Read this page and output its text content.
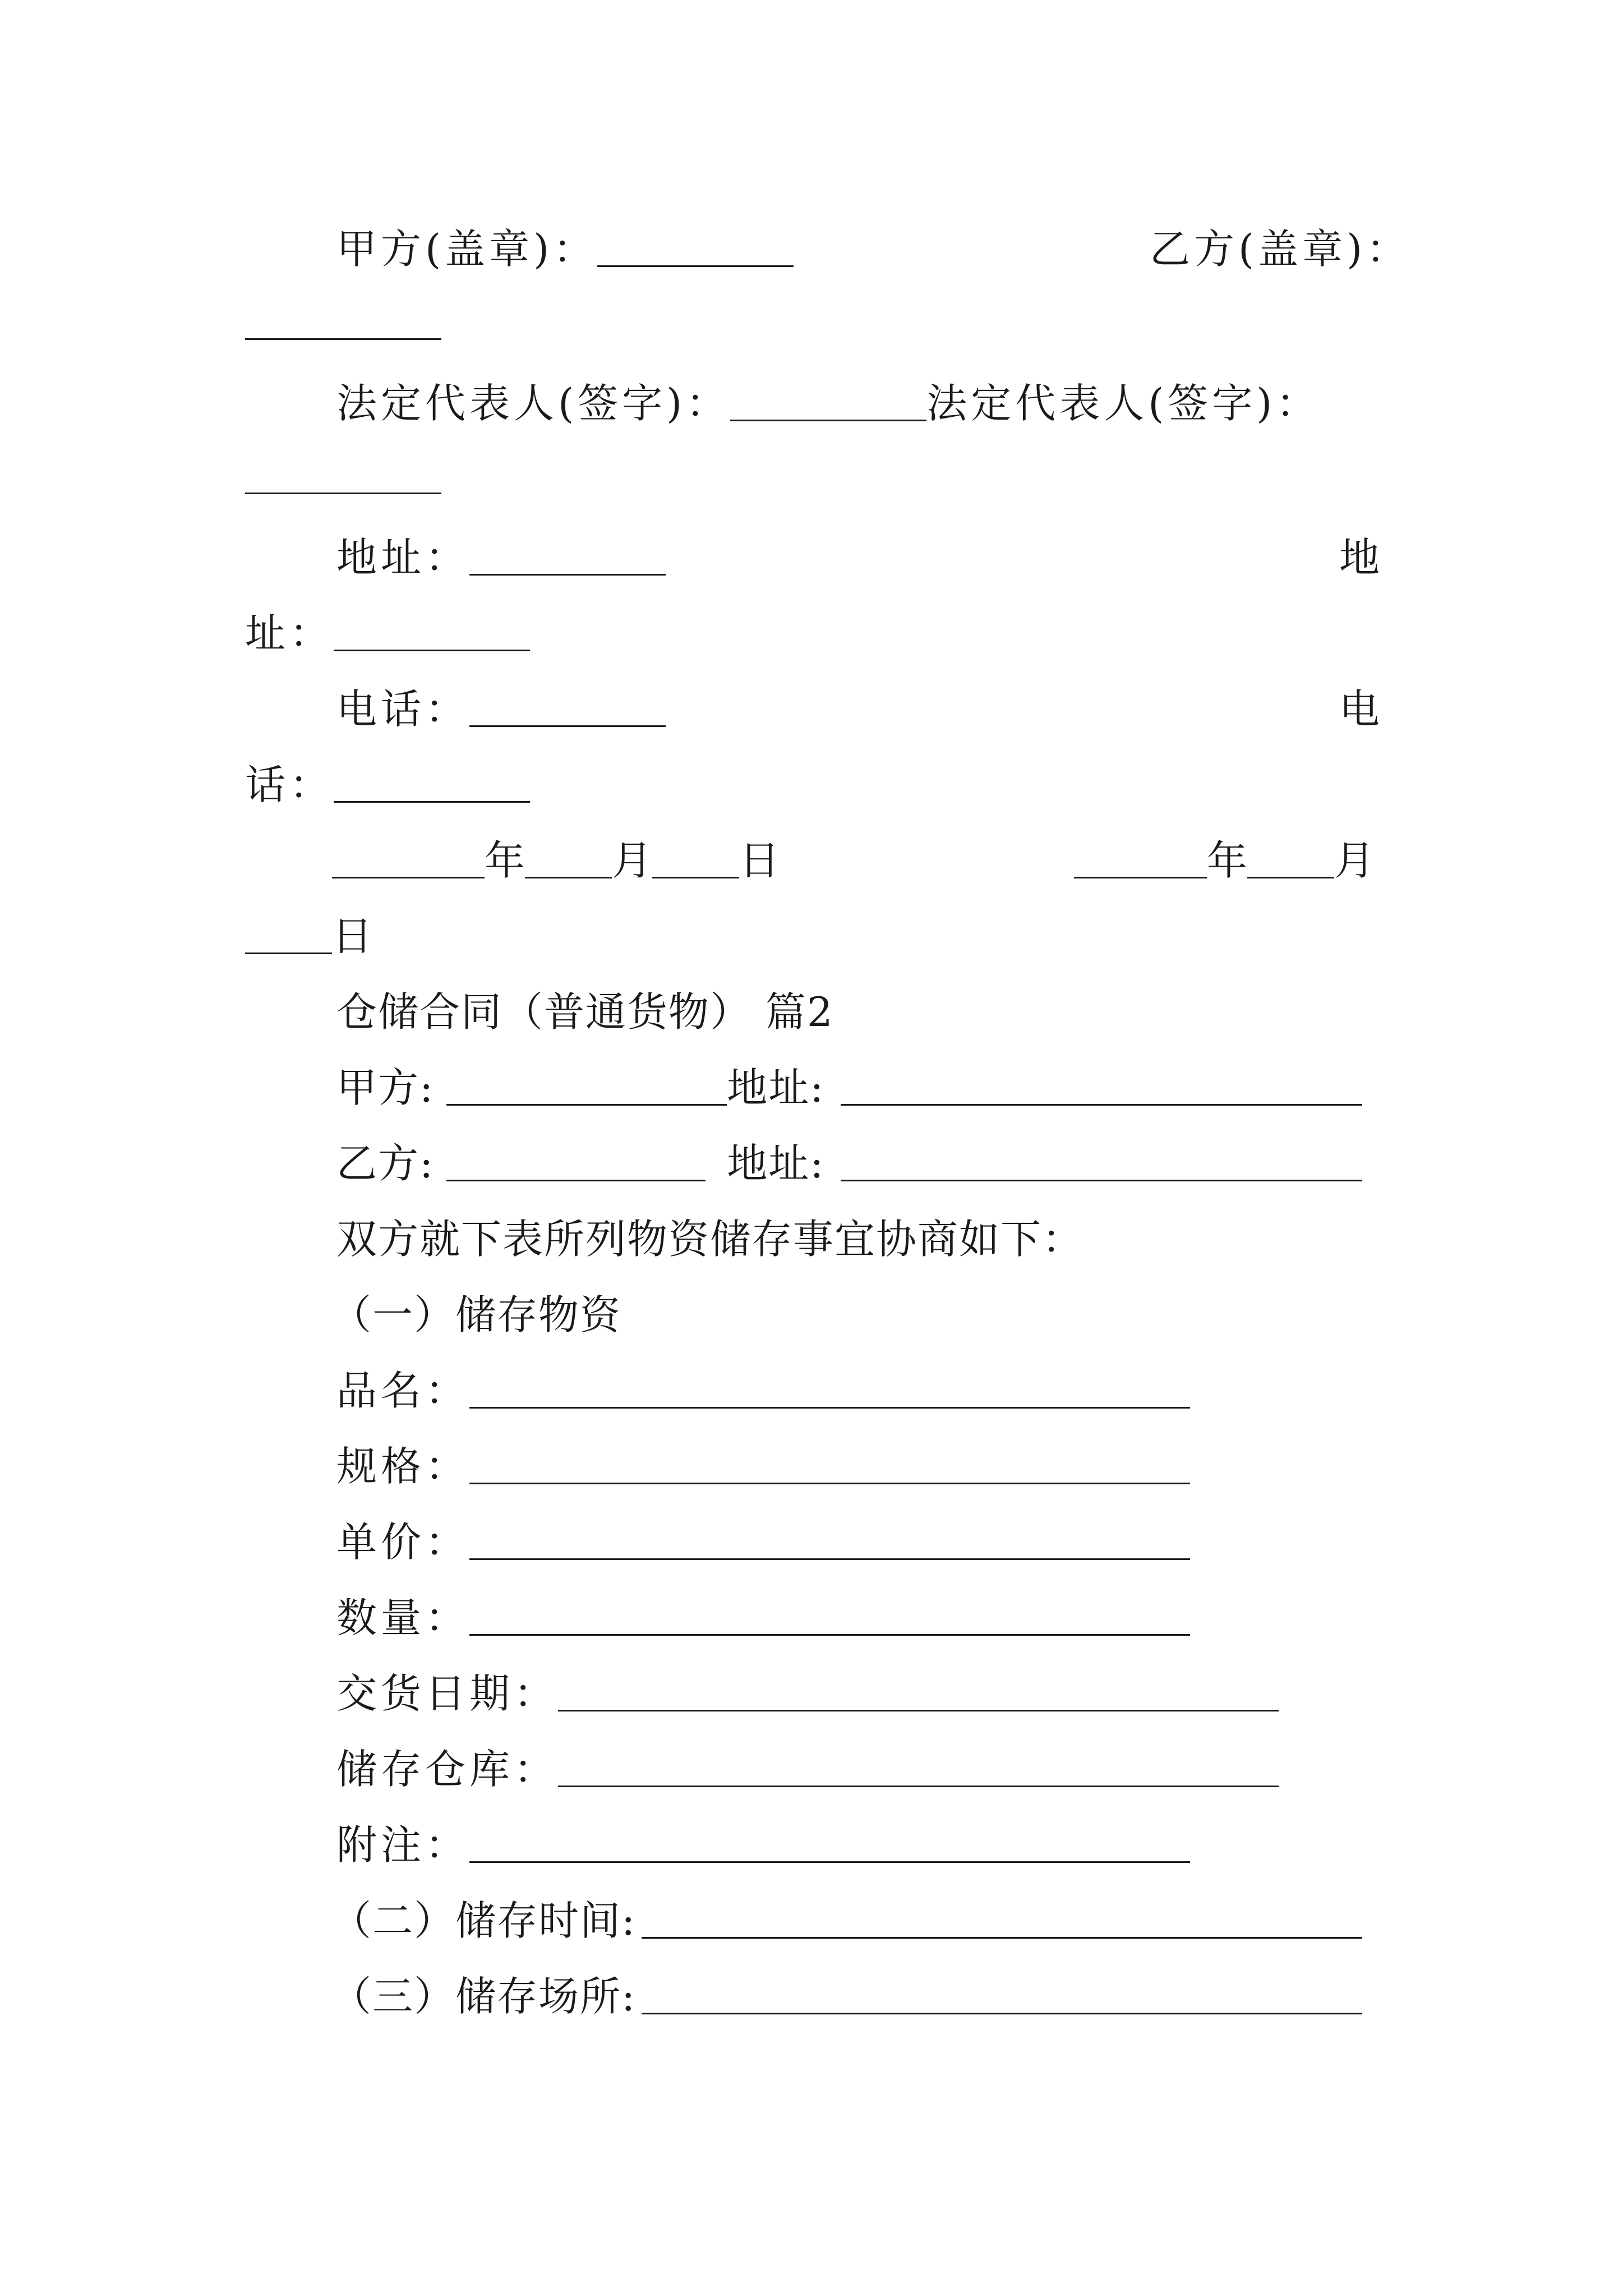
甲方(盖章)：	乙方(盖章)：
法定代表人(签字)：	法定代表人(签字)：
地址：	地
址：
电话：	电
话：
年 月 日	年 月
日
仓储合同（普通货物） 篇2
甲方:	地址:
乙方:	地址:
双方就下表所列物资储存事宜协商如下：
（一）储存物资
品名：
规格：
单价：
数量：
交货日期：
储存仓库：
附注：
（二）储存时间:
（三）储存场所:
